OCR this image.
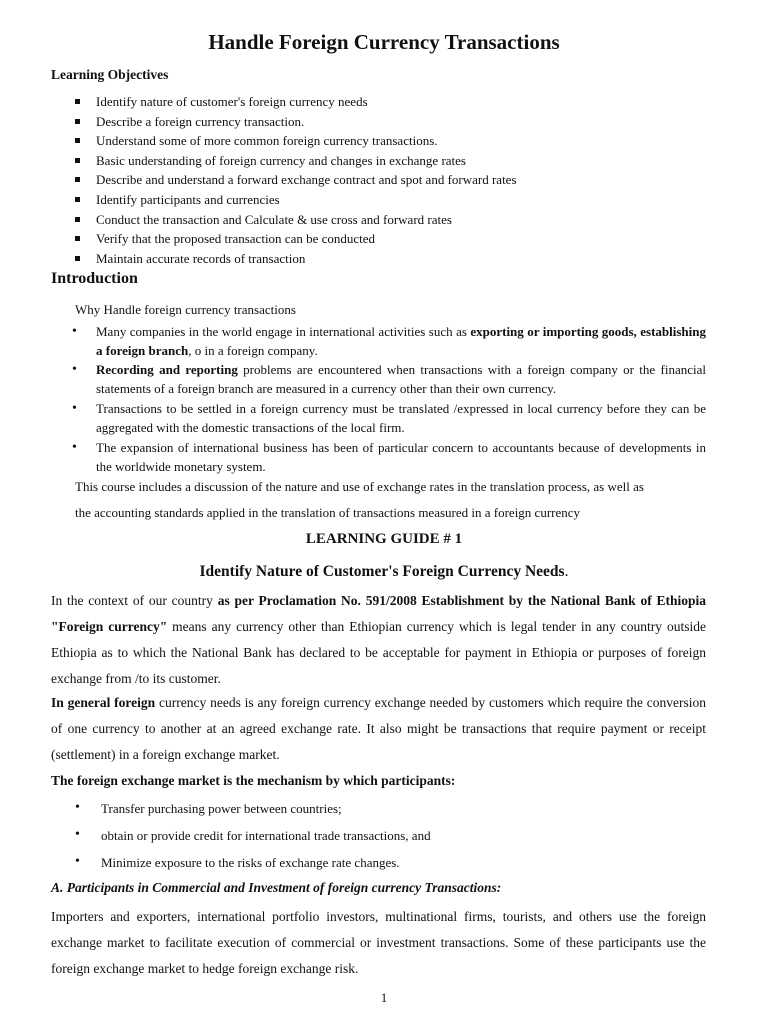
Handle Foreign Currency Transactions
Learning Objectives
Identify nature of customer's foreign currency needs
Describe a foreign currency transaction.
Understand some of more common foreign currency transactions.
Basic understanding of foreign currency and changes in exchange rates
Describe and understand a forward exchange contract and spot and forward rates
Identify participants and currencies
Conduct the transaction and Calculate & use cross and forward rates
Verify that the proposed transaction can be conducted
Maintain accurate records of transaction
Introduction
Why Handle foreign currency transactions
• Many companies in the world engage in international activities such as exporting or importing goods, establishing a foreign branch, o in a foreign company.
• Recording and reporting problems are encountered when transactions with a foreign company or the financial statements of a foreign branch are measured in a currency other than their own currency.
• Transactions to be settled in a foreign currency must be translated /expressed in local currency before they can be aggregated with the domestic transactions of the local firm.
• The expansion of international business has been of particular concern to accountants because of developments in the worldwide monetary system.
This course includes a discussion of the nature and use of exchange rates in the translation process, as well as
the accounting standards applied in the translation of transactions measured in a foreign currency
LEARNING GUIDE # 1
Identify Nature of Customer's Foreign Currency Needs.
In the context of our country as per Proclamation No. 591/2008 Establishment by the National Bank of Ethiopia "Foreign currency" means any currency other than Ethiopian currency which is legal tender in any country outside Ethiopia as to which the National Bank has declared to be acceptable for payment in Ethiopia or purposes of foreign exchange from /to its customer.
In general foreign currency needs is any foreign currency exchange needed by customers which require the conversion of one currency to another at an agreed exchange rate. It also might be transactions that require payment or receipt (settlement) in a foreign exchange market.
The foreign exchange market is the mechanism by which participants:
• Transfer purchasing power between countries;
• obtain or provide credit for international trade transactions, and
• Minimize exposure to the risks of exchange rate changes.
A. Participants in Commercial and Investment of foreign currency Transactions:
Importers and exporters, international portfolio investors, multinational firms, tourists, and others use the foreign exchange market to facilitate execution of commercial or investment transactions. Some of these participants use the foreign exchange market to hedge foreign exchange risk.
1
